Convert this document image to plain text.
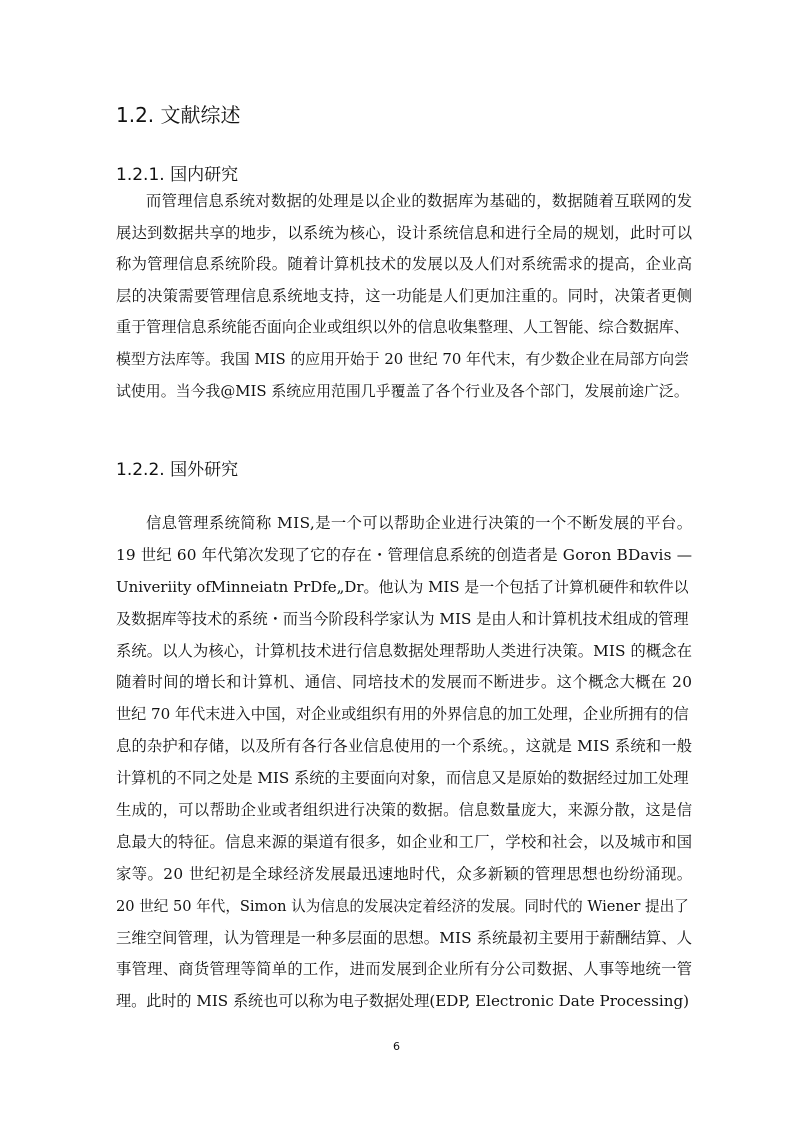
1.2. 文献综述
1.2.1. 国内研究
而管理信息系统对数据的处理是以企业的数据库为基础的，数据随着互联网的发
展达到数据共享的地步，以系统为核心，设计系统信息和进行全局的规划，此时可以
称为管理信息系统阶段。随着计算机技术的发展以及人们对系统需求的提高，企业高
层的决策需要管理信息系统地支持，这一功能是人们更加注重的。同时，决策者更侧
重于管理信息系统能否面向企业或组织以外的信息收集整理、人工智能、综合数据库、
模型方法库等。我国 MIS 的应用开始于 20 世纪 70 年代末，有少数企业在局部方向尝
试使用。当今我@MIS 系统应用范围几乎覆盖了各个行业及各个部门，发展前途广泛。
1.2.2. 国外研究
信息管理系统简称 MIS,是一个可以帮助企业进行决策的一个不断发展的平台。
19 世纪 60 年代第次发现了它的存在・管理信息系统的创造者是 Goron BDavis —
Univeriity ofMinneiatn PrDfe„Dr。他认为 MIS 是一个包括了计算机硬件和软件以
及数据库等技术的系统・而当今阶段科学家认为 MIS 是由人和计算机技术组成的管理
系统。以人为核心，计算机技术进行信息数据处理帮助人类进行决策。MIS 的概念在
随着时间的增长和计算机、通信、同培技术的发展而不断进步。这个概念大概在 20
世纪 70 年代末进入中国，对企业或组织有用的外界信息的加工处理，企业所拥有的信
息的杂护和存储，以及所有各行各业信息使用的一个系统。，这就是 MIS 系统和一般
计算机的不同之处是 MIS 系统的主要面向对象，而信息又是原始的数据经过加工处理
生成的，可以帮助企业或者组织进行决策的数据。信息数量庞大，来源分散，这是信
息最大的特征。信息来源的渠道有很多，如企业和工厂，学校和社会，以及城市和国
家等。20 世纪初是全球经济发展最迅速地时代，众多新颖的管理思想也纷纷涌现。
20 世纪 50 年代，Simon 认为信息的发展决定着经济的发展。同时代的 Wiener 提出了
三维空间管理，认为管理是一种多层面的思想。MIS 系统最初主要用于薪酬结算、人
事管理、商货管理等简单的工作，进而发展到企业所有分公司数据、人事等地统一管
理。此时的 MIS 系统也可以称为电子数据处理(EDP, Electronic Date Processing)
6
